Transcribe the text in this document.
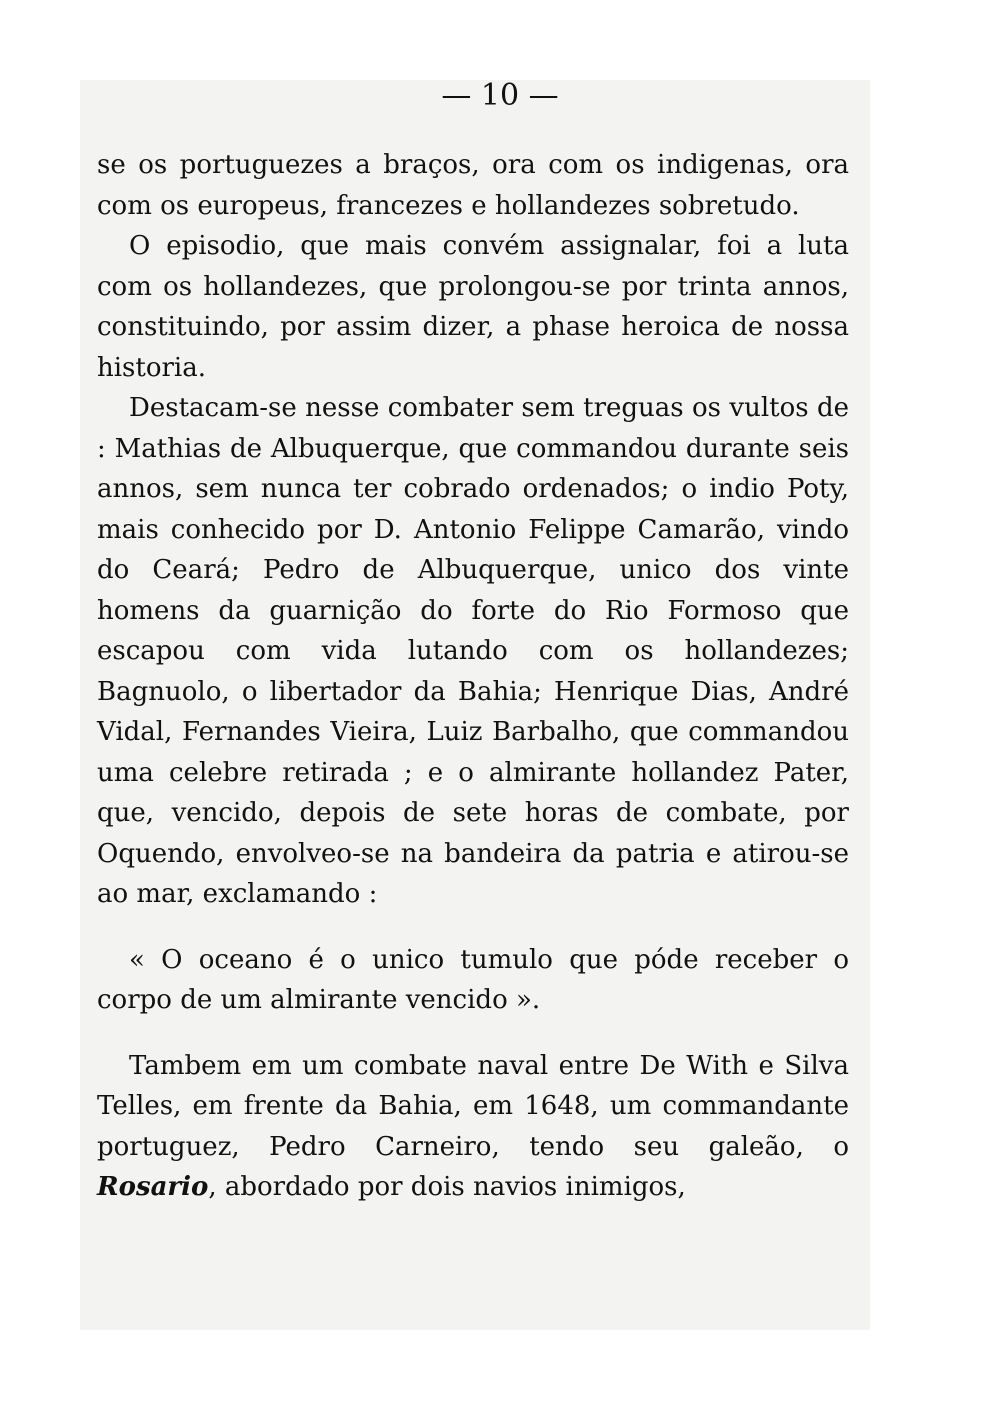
— 10 —

se os portuguezes a braços, ora com os indigenas, ora com os europeus, francezes e hollandezes sobretudo.

O episodio, que mais convém assignalar, foi a luta com os hollandezes, que prolongou-se por trinta annos, constituindo, por assim dizer, a phase heroica de nossa historia.

Destacam-se nesse combater sem treguas os vultos de : Mathias de Albuquerque, que commandou durante seis annos, sem nunca ter cobrado ordenados; o indio Poty, mais conhecido por D. Antonio Felippe Camarão, vindo do Ceará; Pedro de Albuquerque, unico dos vinte homens da guarnição do forte do Rio Formoso que escapou com vida lutando com os hollandezes; Bagnuolo, o libertador da Bahia; Henrique Dias, André Vidal, Fernandes Vieira, Luiz Barbalho, que commandou uma celebre retirada ; e o almirante hollandez Pater, que, vencido, depois de sete horas de combate, por Oquendo, envolveo-se na bandeira da patria e atirou-se ao mar, exclamando :

« O oceano é o unico tumulo que póde receber o corpo de um almirante vencido ».

Tambem em um combate naval entre De With e Silva Telles, em frente da Bahia, em 1648, um commandante portuguez, Pedro Carneiro, tendo seu galeão, o Rosario, abordado por dois navios inimigos,
